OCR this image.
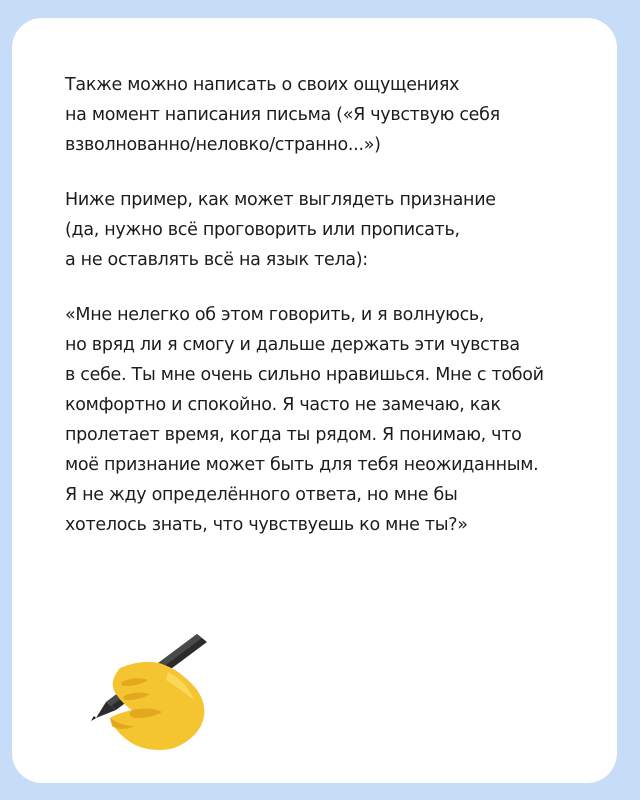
Также можно написать о своих ощущениях
на момент написания письма («Я чувствую себя
взволнованно/неловко/странно...»)

Ниже пример, как может выглядеть признание
(да, нужно всё проговорить или прописать,
а не оставлять всё на язык тела):

«Мне нелегко об этом говорить, и я волнуюсь,
но вряд ли я смогу и дальше держать эти чувства
в себе. Ты мне очень сильно нравишься. Мне с тобой
комфортно и спокойно. Я часто не замечаю, как
пролетает время, когда ты рядом. Я понимаю, что
моё признание может быть для тебя неожиданным.
Я не жду определённого ответа, но мне бы
хотелось знать, что чувствуешь ко мне ты?»
